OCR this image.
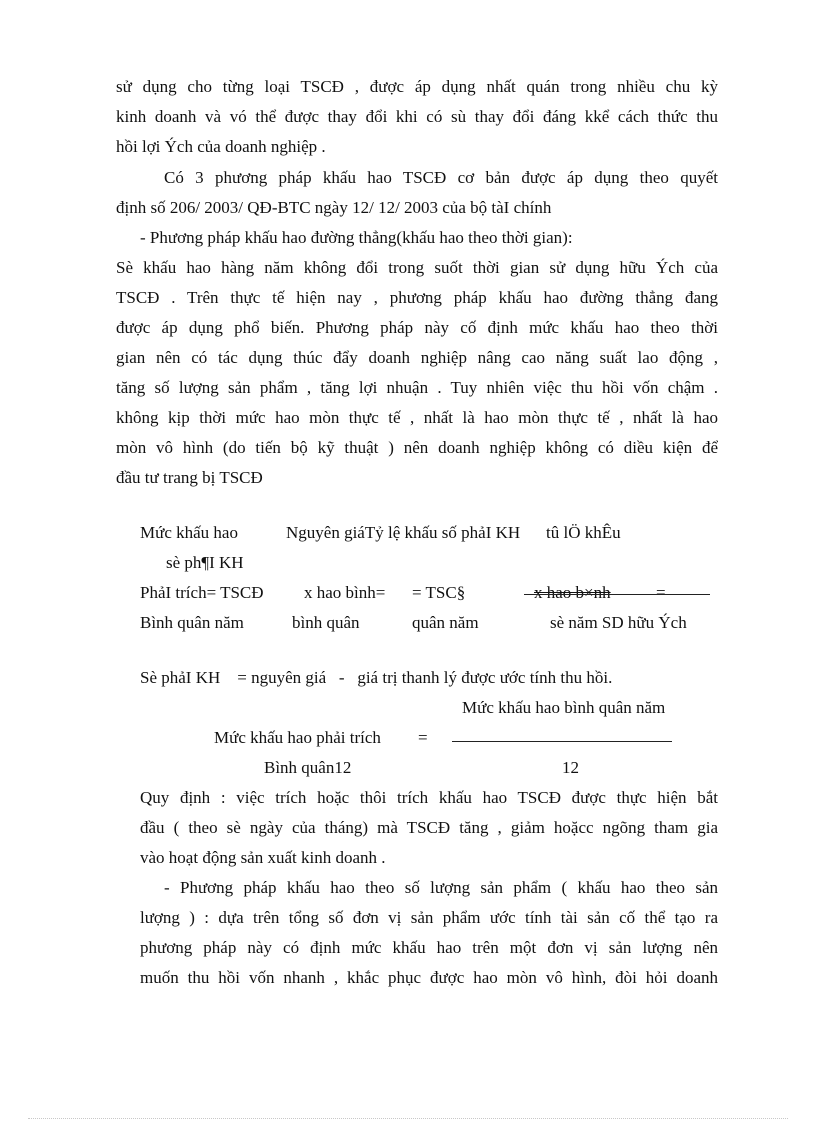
sử dụng cho từng loại TSCĐ , được áp dụng nhất quán trong nhiều chu kỳ
kinh doanh và vó thể được thay đổi khi có sù thay đổi đáng kkể cách thức thu
hồi lợi Ých của doanh nghiệp .
Có 3 phương pháp khấu hao TSCĐ cơ bản được áp dụng theo quyết
định số 206/ 2003/ QĐ-BTC ngày 12/ 12/ 2003 của bộ tàI chính
- Phương pháp khấu hao đường thẳng(khấu hao theo thời gian):
Sè khấu hao hàng năm không đổi trong suốt thời gian sử dụng hữu Ých của
TSCĐ . Trên thực tế hiện nay , phương pháp khấu hao đường thẳng đang
được áp dụng phổ biến. Phương pháp này cố định mức khấu hao theo thời
gian nên có tác dụng thúc đẩy doanh nghiệp nâng cao năng suất lao động ,
tăng số lượng sản phẩm , tăng lợi nhuận . Tuy nhiên việc thu hồi vốn chậm .
không kịp thời mức hao mòn thực tế , nhất là hao mòn thực tế , nhất là hao
mòn vô hình (do tiến bộ kỹ thuật ) nên doanh nghiệp không có diều kiện để
đầu tư trang bị TSCĐ
Mức khấu hao	Nguyên giáTỷ lệ khấu số phảI KH tû lÖ khÊu
sè ph¶I KH
PhảI trích= TSCĐ x hao bình= = TSC§	x hao b×nh	=
Bình quân năm	bình quân	quân năm	sè năm SD hữu Ých
Sè phảI KH    = nguyên giá   -   giá trị thanh lý được ước tính thu hồi.
Mức khấu hao bình quân năm
Mức khấu hao phải trích =
Bình quân12	12
Quy định : việc trích hoặc thôi trích khấu hao TSCĐ được thực hiện bắt
đầu ( theo sè ngày của tháng) mà TSCĐ tăng , giảm hoặcc ngõng tham gia
vào hoạt động sản xuất kinh doanh .
- Phương pháp khấu hao theo số lượng sản phẩm ( khấu hao theo sản
lượng ) : dựa trên tổng số đơn vị sản phẩm ước tính tài sản cố thể tạo ra
phương pháp này có định mức khấu hao trên một đơn vị sản lượng nên
muốn thu hồi vốn nhanh , khắc phục được hao mòn vô hình, đòi hỏi doanh
